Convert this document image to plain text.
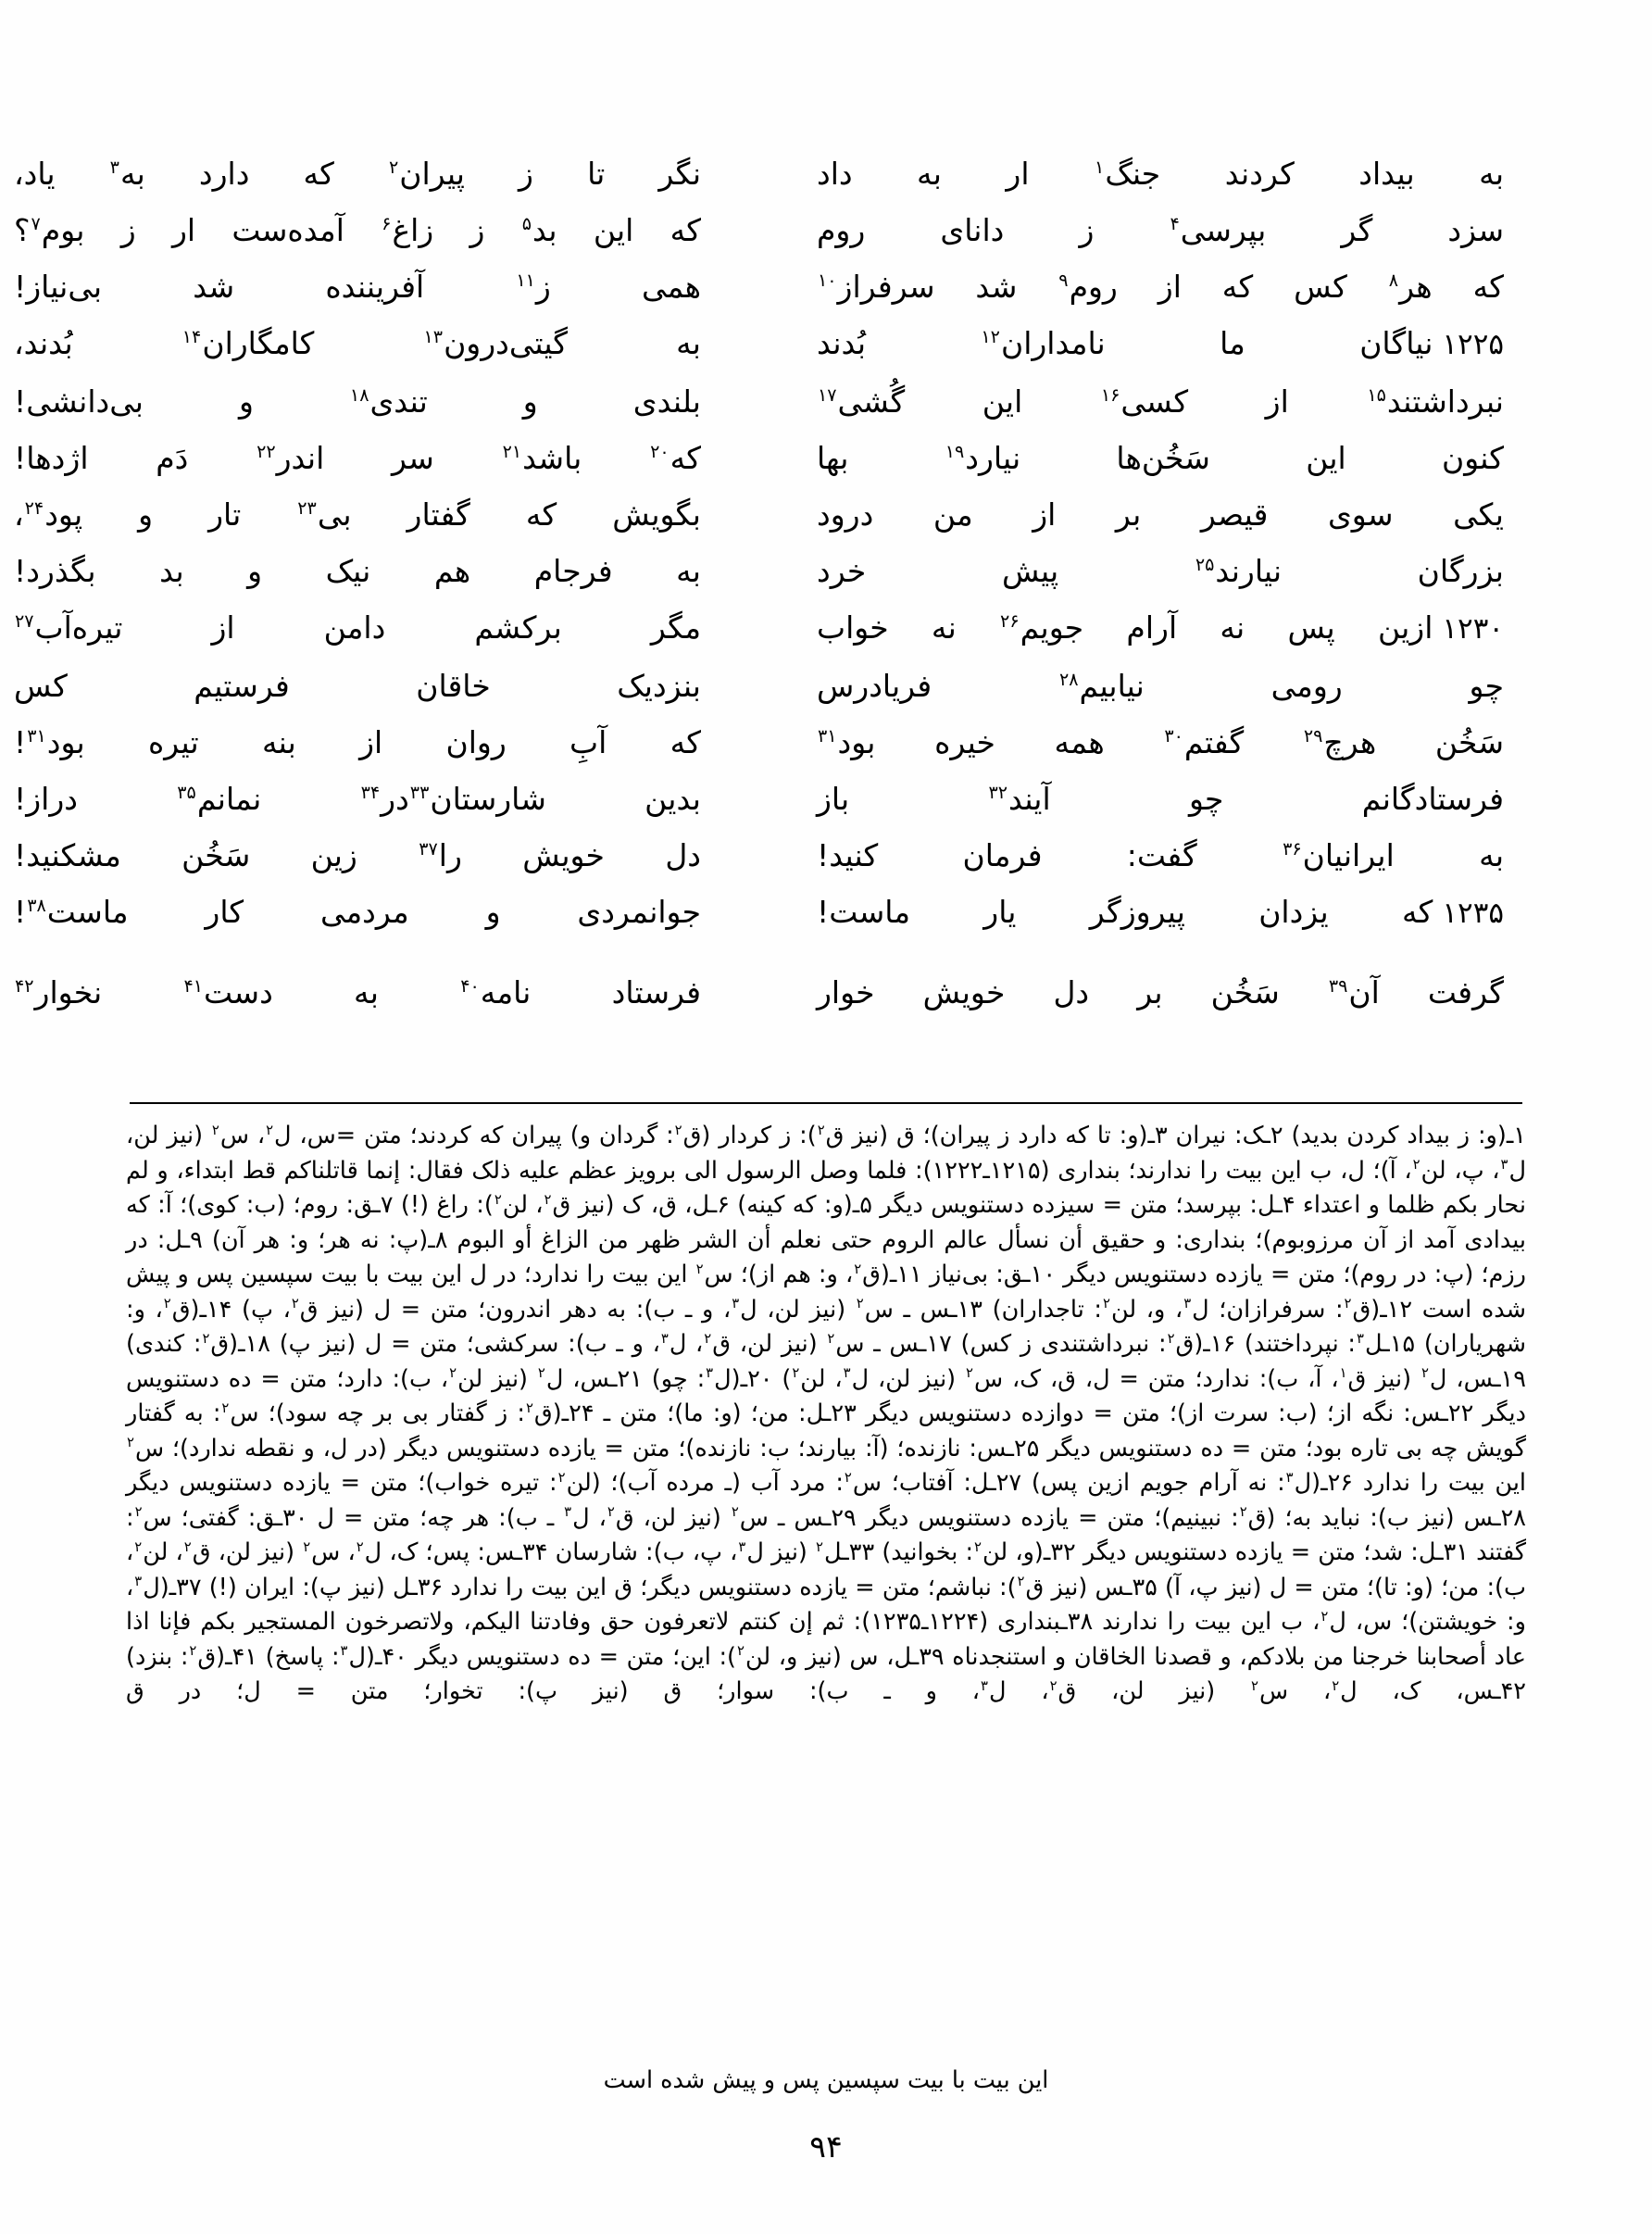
به بیداد کردند جنگ$^۱$ ار به داد
نگر تا ز پیران$^۲$ که دارد به$^۳$ یاد،
سزد گر بپرسی$^۴$ ز دانای روم
که این بد$^۵$ ز زاغ$^۶$ آمده‌ست ار ز بوم$^۷$؟
که هر$^۸$ کس که از روم$^۹$ شد سرفراز$^{۱۰}$
همی ز$^{۱۱}$ آفریننده شد بی‌نیاز!
۱۲۲۵نیاگان ما نامداران$^{۱۲}$ بُدند
به گیتی‌درون$^{۱۳}$ کامگاران$^{۱۴}$ بُدند،
نبرداشتند$^{۱۵}$ از کسی$^{۱۶}$ این گُشی$^{۱۷}$
بلندی و تندی$^{۱۸}$ و بی‌دانشی!
کنون این سَخُن‌ها نیارد$^{۱۹}$ بها
که$^{۲۰}$ باشد$^{۲۱}$ سر اندر$^{۲۲}$ دَم اژدها!
یکی سوی قیصر بر از من درود
بگویش که گفتار بی$^{۲۳}$ تار و پود$^{۲۴}$،
بزرگان نیارند$^{۲۵}$ پیش خرد
به فرجام هم نیک و بد بگذرد!
۱۲۳۰ازین پس نه آرام جویم$^{۲۶}$ نه خواب
مگر برکشم دامن از تیره‌آب$^{۲۷}$
چو رومی نیابیم$^{۲۸}$ فریادرس
بنزدیک خاقان فرستیم کس
سَخُن هرچ$^{۲۹}$ گفتم$^{۳۰}$ همه خیره بود$^{۳۱}$
که آبِ روان از بنه تیره بود$^{۳۱}$!
فرستادگانم چو آیند$^{۳۲}$ باز
بدین شارستان$^{۳۳}$در$^{۳۴}$ نمانم$^{۳۵}$ دراز!
به ایرانیان$^{۳۶}$ گفت: فرمان کنید!
دل خویش را$^{۳۷}$ زین سَخُن مشکنید!
۱۲۳۵که یزدان پیروزگر یار ماست!
جوانمردی و مردمی کار ماست$^{۳۸}$!
گرفت آن$^{۳۹}$ سَخُن بر دل خویش خوار
فرستاد نامه$^{۴۰}$ به دست$^{۴۱}$ نخوار$^{۴۲}$
۱ـ(و: ز بیداد کردن بدید) ۲ـک: نیران ۳ـ(و: تا که دارد ز پیران)؛ ق (نیز ق$^۲$): ز کردار (ق$^۲$: گردان و) پیران که کردند؛ متن =س، ل$^۲$، س$^۲$ (نیز لن، ل$^۳$، پ، لن$^۲$، آ)؛ ل، ب این بیت را ندارند؛ بنداری (۱۲۱۵ـ۱۲۲۲): فلما وصل الرسول الی برویز عظم علیه ذلک فقال: إنما قاتلناکم قط ابتداء، و لم نحار بکم ظلما و اعتداء ۴ـل: بپرسد؛ متن = سیزده دستنویس دیگر ۵ـ(و: که کینه) ۶ـل، ق، ک (نیز ق$^۲$، لن$^۲$): راغ (!) ۷ـق: روم؛ (ب: کوی)؛ آ: که بیدادی آمد از آن مرزوبوم)؛ بنداری: و حقیق أن نسأل عالم الروم حتی نعلم أن الشر ظهر من الزاغ أو البوم ۸ـ(پ: نه هر؛ و: هر آن) ۹ـل: در رزم؛ (پ: در روم)؛ متن = یازده دستنویس دیگر ۱۰ـق: بی‌نیاز ۱۱ـ(ق$^۲$، و: هم از)؛ س$^۲$ این بیت را ندارد؛ در ل این بیت با بیت سپسین پس و پیش شده است ۱۲ـ(ق$^۲$: سرفرازان؛ ل$^۳$، و، لن$^۲$: تاجداران) ۱۳ـس ـ س$^۲$ (نیز لن، ل$^۳$، و ـ ب): به دهر اندرون؛ متن = ل (نیز ق$^۲$، پ) ۱۴ـ(ق$^۲$، و: شهریاران) ۱۵ـل$^۳$: نپرداختند) ۱۶ـ(ق$^۲$: نبرداشتندی ز کس) ۱۷ـس ـ س$^۲$ (نیز لن، ق$^۲$، ل$^۳$، و ـ ب): سرکشی؛ متن = ل (نیز پ) ۱۸ـ(ق$^۲$: کندی) ۱۹ـس، ل$^۲$ (نیز ق$^۱$، آ، ب): ندارد؛ متن = ل، ق، ک، س$^۲$ (نیز لن، ل$^۳$، لن$^۲$) ۲۰ـ(ل$^۳$: چو) ۲۱ـس، ل$^۲$ (نیز لن$^۲$، ب): دارد؛ متن = ده دستنویس دیگر ۲۲ـس: نگه از؛ (ب: سرت از)؛ متن = دوازده دستنویس دیگر ۲۳ـل: من؛ (و: ما)؛ متن ـ ۲۴ـ(ق$^۲$: ز گفتار بی بر چه سود)؛ س$^۲$: به گفتار گویش چه بی تاره بود؛ متن = ده دستنویس دیگر ۲۵ـس: نازنده؛ (آ: بیارند؛ ب: نازنده)؛ متن = یازده دستنویس دیگر (در ل، و نقطه ندارد)؛ س$^۲$ این بیت را ندارد ۲۶ـ(ل$^۳$: نه آرام جویم ازین پس) ۲۷ـل: آفتاب؛ س$^۲$: مرد آب (ـ مرده آب)؛ (لن$^۲$: تیره خواب)؛ متن = یازده دستنویس دیگر ۲۸ـس (نیز ب): نباید به؛ (ق$^۲$: نبینیم)؛ متن = یازده دستنویس دیگر ۲۹ـس ـ س$^۲$ (نیز لن، ق$^۲$، ل$^۳$ ـ ب): هر چه؛ متن = ل ۳۰ـق: گفتی؛ س$^۲$: گفتند ۳۱ـل: شد؛ متن = یازده دستنویس دیگر ۳۲ـ(و، لن$^۲$: بخوانید) ۳۳ـل$^۲$ (نیز ل$^۳$، پ، ب): شارسان ۳۴ـس: پس؛ ک، ل$^۲$، س$^۲$ (نیز لن، ق$^۲$، لن$^۲$، ب): من؛ (و: تا)؛ متن = ل (نیز پ، آ) ۳۵ـس (نیز ق$^۲$): نباشم؛ متن = یازده دستنویس دیگر؛ ق این بیت را ندارد ۳۶ـل (نیز پ): ایران (!) ۳۷ـ(ل$^۳$، و: خویشتن)؛ س، ل$^۲$، ب این بیت را ندارند ۳۸ـبنداری (۱۲۲۴ـ۱۲۳۵): ثم إن کنتم لاتعرفون حق وفادتنا الیکم، ولاتصرخون المستجیر بکم فإنا اذا عاد أصحابنا خرجنا من بلادکم، و قصدنا الخاقان و استنجدناه ۳۹ـل، س (نیز و، لن$^۲$): این؛ متن = ده دستنویس دیگر ۴۰ـ(ل$^۳$: پاسخ) ۴۱ـ(ق$^۲$: بنزد) ۴۲ـس، ک، ل$^۲$، س$^۲$ (نیز لن، ق$^۲$، ل$^۳$، و ـ ب): سوار؛ ق (نیز پ): تخوار؛ متن = ل؛ در ق
این بیت با بیت سپسین پس و پیش شده است
۹۴
